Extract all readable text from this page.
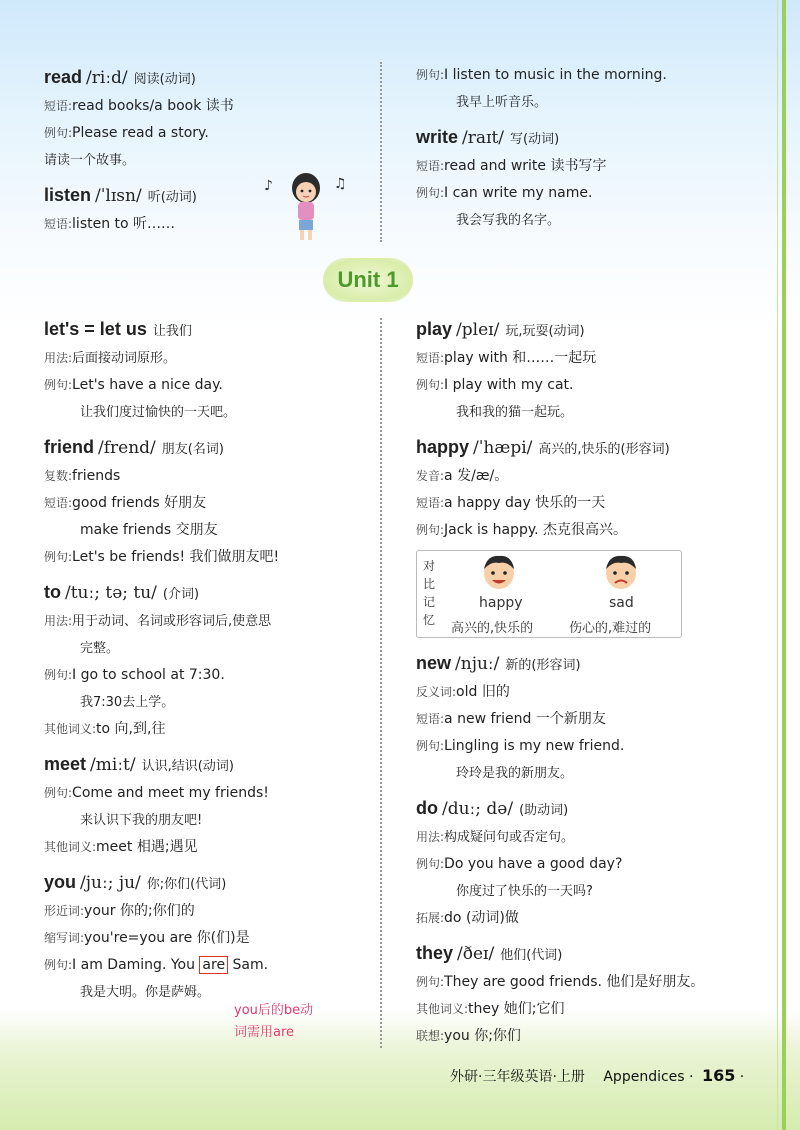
read /riːd/ 阅读(动词)
短语:read books/a book 读书
例句:Please read a story.
请读一个故事。
listen /ˈlɪsn/ 听(动词)
短语:listen to 听……
♪	♫
例句:I listen to music in the morning.
我早上听音乐。
write /raɪt/ 写(动词)
短语:read and write 读书写字
例句:I can write my name.
我会写我的名字。
Unit 1
let's = let us 让我们
用法:后面接动词原形。
例句:Let's have a nice day.
让我们度过愉快的一天吧。
friend /frend/ 朋友(名词)
复数:friends
短语:good friends 好朋友
make friends 交朋友
例句:Let's be friends! 我们做朋友吧!
to /tuː; tə; tu/ (介词)
用法:用于动词、名词或形容词后,使意思
完整。
例句:I go to school at 7:30.
我7:30去上学。
其他词义:to 向,到,往
meet /miːt/ 认识,结识(动词)
例句:Come and meet my friends!
来认识下我的朋友吧!
其他词义:meet 相遇;遇见
you /juː; ju/ 你;你们(代词)
形近词:your 你的;你们的
缩写词:you're=you are 你(们)是
例句:I am Daming. You are Sam.
我是大明。你是萨姆。
you后的be动
词需用are
play /pleɪ/ 玩,玩耍(动词)
短语:play with 和……一起玩
例句:I play with my cat.
我和我的猫一起玩。
happy /ˈhæpi/ 高兴的,快乐的(形容词)
发音:a 发/æ/。
短语:a happy day 快乐的一天
例句:Jack is happy. 杰克很高兴。
对比记忆
happy	sad
高兴的,快乐的	伤心的,难过的
new /njuː/ 新的(形容词)
反义词:old 旧的
短语:a new friend 一个新朋友
例句:Lingling is my new friend.
玲玲是我的新朋友。
do /duː; də/ (助动词)
用法:构成疑问句或否定句。
例句:Do you have a good day?
你度过了快乐的一天吗?
拓展:do (动词)做
they /ðeɪ/ 他们(代词)
例句:They are good friends. 他们是好朋友。
其他词义:they 她们;它们
联想:you 你;你们
外研·三年级英语·上册 Appendices · 165 ·
